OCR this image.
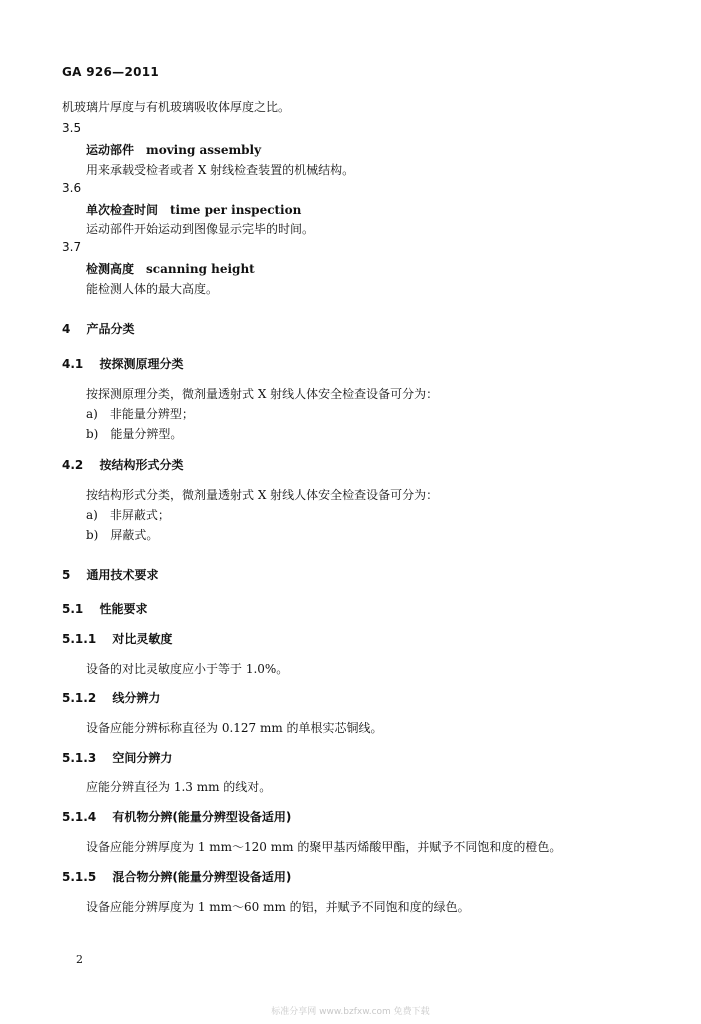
GA 926—2011
机玻璃片厚度与有机玻璃吸收体厚度之比。
3.5
运动部件　moving assembly
用来承载受检者或者 X 射线检查装置的机械结构。
3.6
单次检查时间　time per inspection
运动部件开始运动到图像显示完毕的时间。
3.7
检测高度　scanning height
能检测人体的最大高度。
4 产品分类
4.1 按探测原理分类
按探测原理分类，微剂量透射式 X 射线人体安全检查设备可分为：
a)　非能量分辨型；
b)　能量分辨型。
4.2 按结构形式分类
按结构形式分类，微剂量透射式 X 射线人体安全检查设备可分为：
a)　非屏蔽式；
b)　屏蔽式。
5 通用技术要求
5.1 性能要求
5.1.1 对比灵敏度
设备的对比灵敏度应小于等于 1.0%。
5.1.2 线分辨力
设备应能分辨标称直径为 0.127 mm 的单根实芯铜线。
5.1.3 空间分辨力
应能分辨直径为 1.3 mm 的线对。
5.1.4 有机物分辨(能量分辨型设备适用)
设备应能分辨厚度为 1 mm～120 mm 的聚甲基丙烯酸甲酯，并赋予不同饱和度的橙色。
5.1.5 混合物分辨(能量分辨型设备适用)
设备应能分辨厚度为 1 mm～60 mm 的铝，并赋予不同饱和度的绿色。
2
标准分享网 www.bzfxw.com 免费下载
